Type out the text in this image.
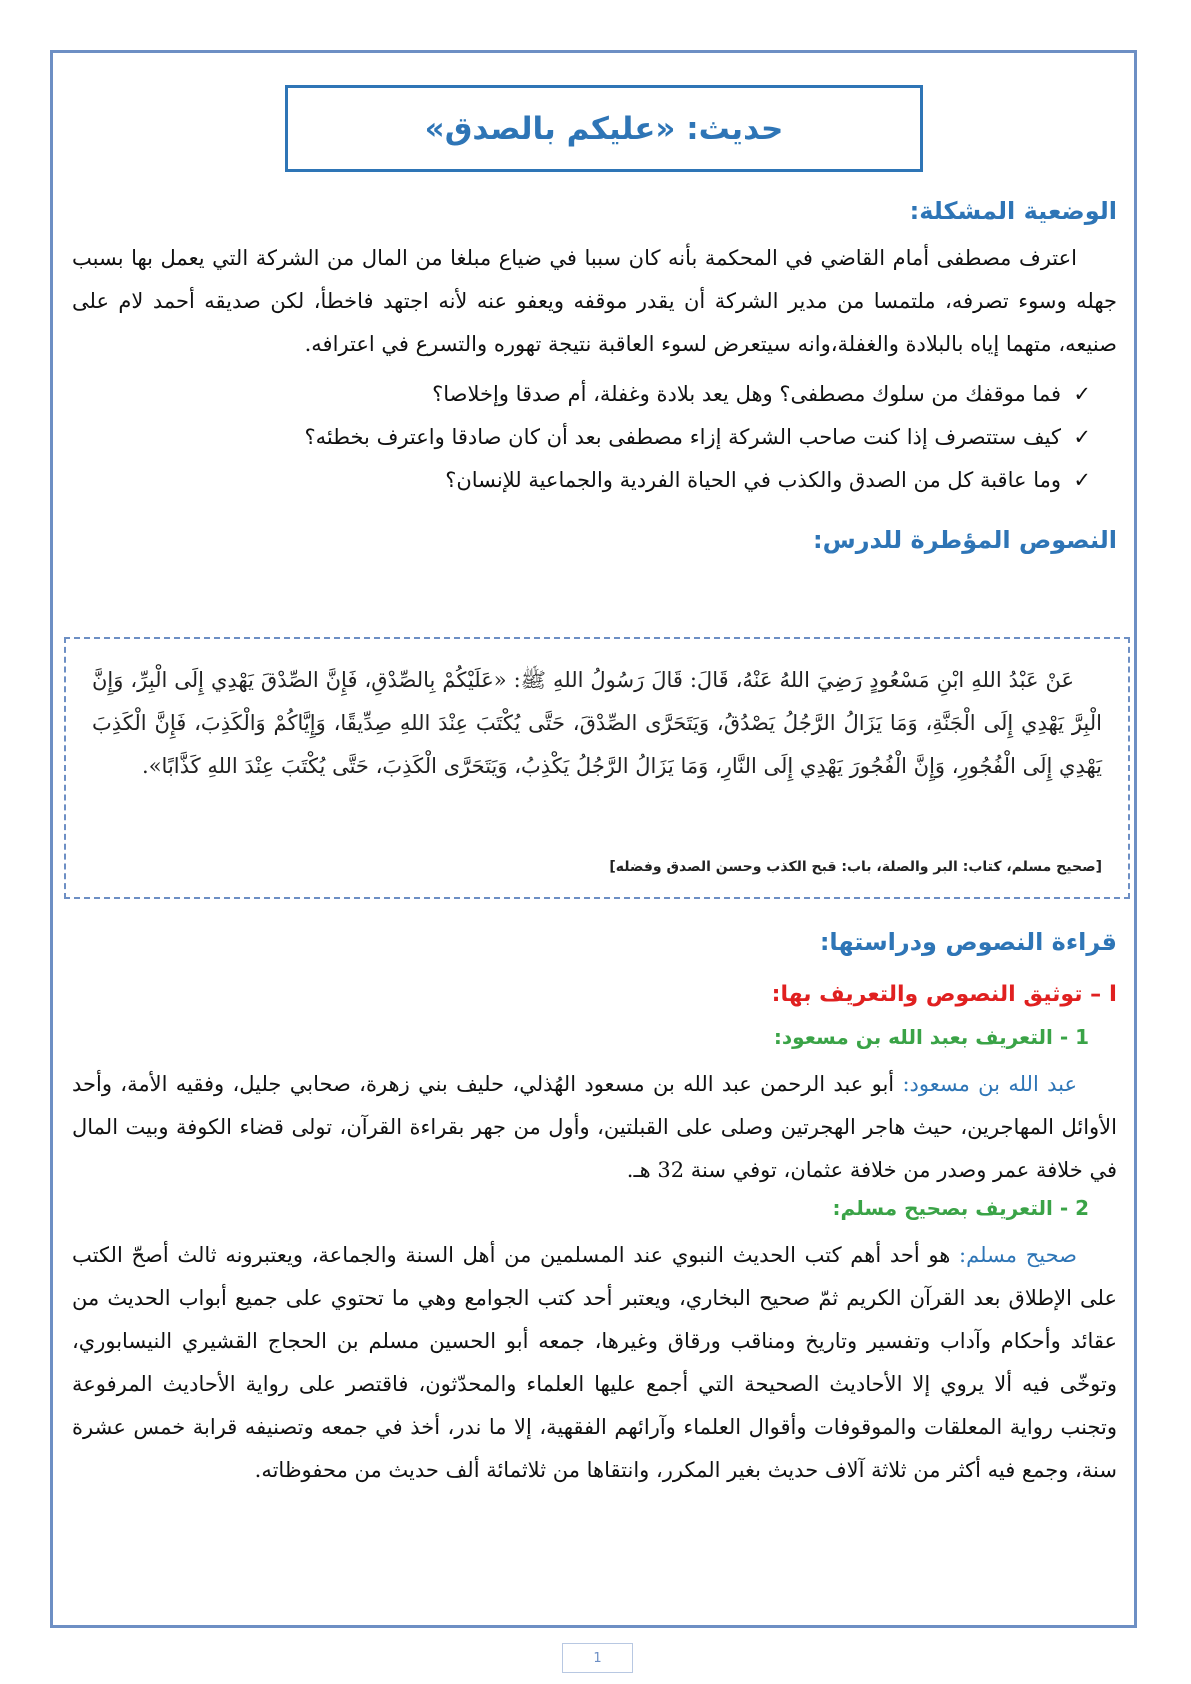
حديث: «عليكم بالصدق»
الوضعية المشكلة:

اعترف مصطفى أمام القاضي في المحكمة بأنه كان سببا في ضياع مبلغا من المال من الشركة التي يعمل بها بسبب جهله وسوء تصرفه، ملتمسا من مدير الشركة أن يقدر موقفه ويعفو عنه لأنه اجتهد فاخطأ، لكن صديقه أحمد لام على صنيعه، متهما إياه بالبلادة والغفلة،وانه سيتعرض لسوء العاقبة نتيجة تهوره والتسرع في اعترافه.

✓فما موقفك من سلوك مصطفى؟ وهل يعد بلادة وغفلة، أم صدقا وإخلاصا؟
✓كيف ستتصرف إذا كنت صاحب الشركة إزاء مصطفى بعد أن كان صادقا واعترف بخطئه؟
✓وما عاقبة كل من الصدق والكذب في الحياة الفردية والجماعية للإنسان؟
النصوص المؤطرة للدرس:

عَنْ عَبْدُ اللهِ ابْنِ مَسْعُودٍ رَضِيَ اللهُ عَنْهُ، قَالَ: قَالَ رَسُولُ اللهِ ﷺ: «عَلَيْكُمْ بِالصِّدْقِ، فَإِنَّ الصِّدْقَ يَهْدِي إِلَى الْبِرِّ، وَإِنَّ الْبِرَّ يَهْدِي إِلَى الْجَنَّةِ، وَمَا يَزَالُ الرَّجُلُ يَصْدُقُ، وَيَتَحَرَّى الصِّدْقَ، حَتَّى يُكْتَبَ عِنْدَ اللهِ صِدِّيقًا، وَإِيَّاكُمْ وَالْكَذِبَ، فَإِنَّ الْكَذِبَ يَهْدِي إِلَى الْفُجُورِ، وَإِنَّ الْفُجُورَ يَهْدِي إِلَى النَّارِ، وَمَا يَزَالُ الرَّجُلُ يَكْذِبُ، وَيَتَحَرَّى الْكَذِبَ، حَتَّى يُكْتَبَ عِنْدَ اللهِ كَذَّابًا».

[صحيح مسلم، كتاب: البر والصلة، باب: قبح الكذب وحسن الصدق وفضله]
قراءة النصوص ودراستها:
I – توثيق النصوص والتعريف بها:
1 - التعريف بعبد الله بن مسعود:

عبد الله بن مسعود: أبو عبد الرحمن عبد الله بن مسعود الهُذلي، حليف بني زهرة، صحابي جليل، وفقيه الأمة، وأحد الأوائل المهاجرين، حيث هاجر الهجرتين وصلى على القبلتين، وأول من جهر بقراءة القرآن، تولى قضاء الكوفة وبيت المال في خلافة عمر وصدر من خلافة عثمان، توفي سنة 32 هـ.

2 - التعريف بصحيح مسلم:

صحيح مسلم: هو أحد أهم كتب الحديث النبوي عند المسلمين من أهل السنة والجماعة، ويعتبرونه ثالث أصحّ الكتب على الإطلاق بعد القرآن الكريم ثمّ صحيح البخاري، ويعتبر أحد كتب الجوامع وهي ما تحتوي على جميع أبواب الحديث من عقائد وأحكام وآداب وتفسير وتاريخ ومناقب ورقاق وغيرها، جمعه أبو الحسين مسلم بن الحجاج القشيري النيسابوري، وتوخّى فيه ألا يروي إلا الأحاديث الصحيحة التي أجمع عليها العلماء والمحدّثون، فاقتصر على رواية الأحاديث المرفوعة وتجنب رواية المعلقات والموقوفات وأقوال العلماء وآرائهم الفقهية، إلا ما ندر، أخذ في جمعه وتصنيفه قرابة خمس عشرة سنة، وجمع فيه أكثر من ثلاثة آلاف حديث بغير المكرر، وانتقاها من ثلاثمائة ألف حديث من محفوظاته.

1
